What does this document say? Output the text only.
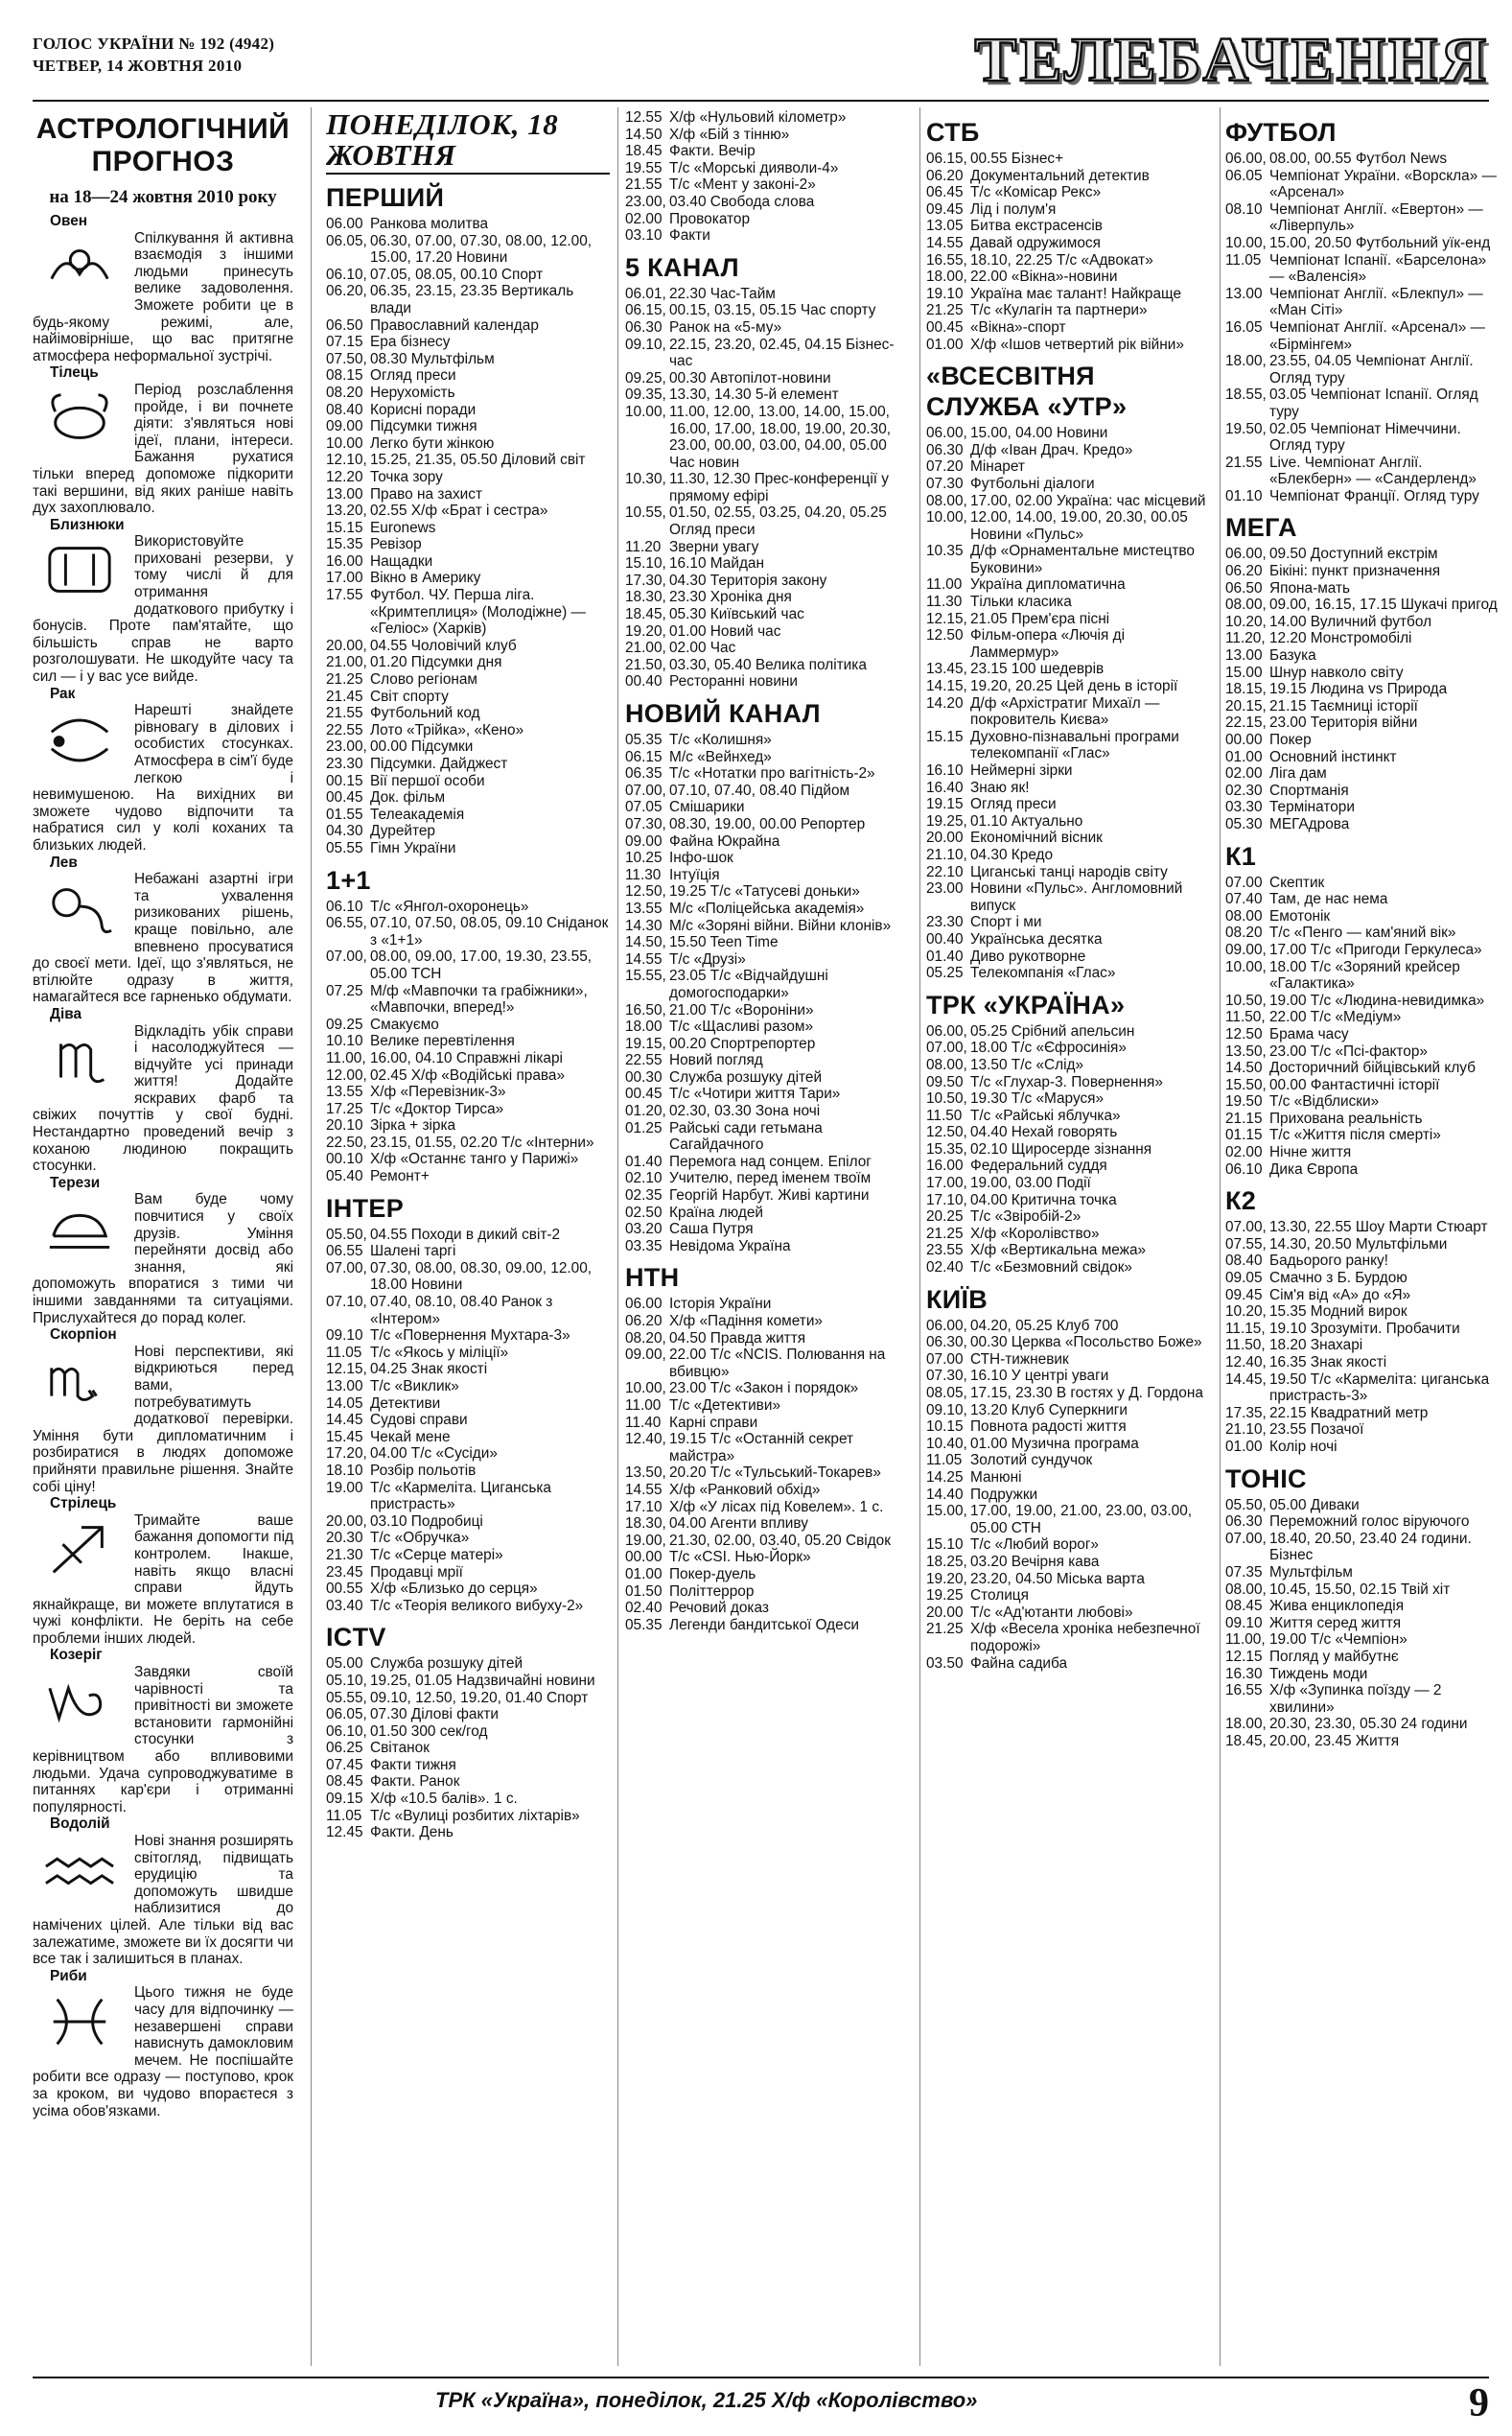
ГОЛОС УКРАЇНИ № 192 (4942)
ЧЕТВЕР, 14 ЖОВТНЯ 2010	ТЕЛЕБАЧЕННЯ
АСТРОЛОГІЧНИЙ ПРОГНОЗ
на 18—24 жовтня 2010 року
Овен
Спілкування й активна взаємодія з іншими людьми принесуть велике задоволення. Зможете робити це в будь-якому режимі, але, найімовірніше, що вас притягне атмосфера неформальної зустрічі.
Тілець
Період розслаблення пройде, і ви почнете діяти: з'являться нові ідеї, плани, інтереси. Бажання рухатися тільки вперед допоможе підкорити такі вершини, від яких раніше навіть дух захоплювало.
Близнюки
Використовуйте приховані резерви, у тому числі й для отримання додаткового прибутку і бонусів. Проте пам'ятайте, що більшість справ не варто розголошувати. Не шкодуйте часу та сил — і у вас усе вийде.
Рак
Нарешті знайдете рівновагу в ділових і особистих стосунках. Атмосфера в сім'ї буде легкою і невимушеною. На вихідних ви зможете чудово відпочити та набратися сил у колі коханих та близьких людей.
Лев
Небажані азартні ігри та ухвалення ризикованих рішень, краще повільно, але впевнено просуватися до своєї мети. Ідеї, що з'являться, не втілюйте одразу в життя, намагайтеся все гарненько обдумати.
Діва
Відкладіть убік справи і насолоджуйтеся — відчуйте усі принади життя! Додайте яскравих фарб та свіжих почуттів у свої будні. Нестандартно проведений вечір з коханою людиною покращить стосунки.
Терези
Вам буде чому повчитися у своїх друзів. Уміння перейняти досвід або знання, які допоможуть впоратися з тими чи іншими завданнями та ситуаціями. Прислухайтеся до порад колег.
Скорпіон
Нові перспективи, які відкриються перед вами, потребуватимуть додаткової перевірки. Уміння бути дипломатичним і розбиратися в людях допоможе прийняти правильне рішення. Знайте собі ціну!
Стрілець
Тримайте ваше бажання допомогти під контролем. Інакше, навіть якщо власні справи йдуть якнайкраще, ви можете вплутатися в чужі конфлікти. Не беріть на себе проблеми інших людей.
Козеріг
Завдяки своїй чарівності та привітності ви зможете встановити гармонійні стосунки з керівництвом або впливовими людьми. Удача супроводжуватиме в питаннях кар'єри і отриманні популярності.
Водолій
Нові знання розширять світогляд, підвищать ерудицію та допоможуть швидше наблизитися до намічених цілей. Але тільки від вас залежатиме, зможете ви їх досягти чи все так і залишиться в планах.
Риби
Цього тижня не буде часу для відпочинку — незавершені справи нависнуть дамокловим мечем. Не поспішайте робити все одразу — поступово, крок за кроком, ви чудово впораєтеся з усіма обов'язками.
ПОНЕДІЛОК, 18 ЖОВТНЯ
ПЕРШИЙ
06.00 Ранкова молитва
06.05, 06.30, 07.00, 07.30, 08.00, 12.00, 15.00, 17.20 Новини
06.10, 07.05, 08.05, 00.10 Спорт
06.20, 06.35, 23.15, 23.35 Вертикаль влади
06.50 Православний календар
07.15 Ера бізнесу
07.50, 08.30 Мультфільм
08.15 Огляд преси
08.20 Нерухомість
08.40 Корисні поради
09.00 Підсумки тижня
10.00 Легко бути жінкою
12.10, 15.25, 21.35, 05.50 Діловий світ
12.20 Точка зору
13.00 Право на захист
13.20, 02.55 Х/ф «Брат і сестра»
15.15 Euronews
15.35 Ревізор
16.00 Нащадки
17.00 Вікно в Америку
17.55 Футбол. ЧУ. Перша ліга. «Кримтеплиця» (Молодіжне) — «Геліос» (Харків)
20.00, 04.55 Чоловічий клуб
21.00, 01.20 Підсумки дня
21.25 Слово регіонам
21.45 Світ спорту
21.55 Футбольний код
22.55 Лото «Трійка», «Кено»
23.00, 00.00 Підсумки
23.30 Підсумки. Дайджест
00.15 Вії першої особи
00.45 Док. фільм
01.55 Телеакадемія
04.30 Дурейтер
05.55 Гімн України
1+1
06.10 Т/с «Янгол-охоронець»
06.55, 07.10, 07.50, 08.05, 09.10 Сніданок з «1+1»
07.00, 08.00, 09.00, 17.00, 19.30, 23.55, 05.00 ТСН
07.25 М/ф «Мавпочки та грабіжники», «Мавпочки, вперед!»
09.25 Смакуємо
10.10 Велике перевтілення
11.00, 16.00, 04.10 Справжні лікарі
12.00, 02.45 Х/ф «Водійські права»
13.55 Х/ф «Перевізник-3»
17.25 Т/с «Доктор Тирса»
20.10 Зірка + зірка
22.50, 23.15, 01.55, 02.20 Т/с «Інтерни»
00.10 Х/ф «Останнє танго у Парижі»
05.40 Ремонт+
ІНТЕР
05.50, 04.55 Походи в дикий світ-2
06.55 Шалені таргі
07.00, 07.30, 08.00, 08.30, 09.00, 12.00, 18.00 Новини
07.10, 07.40, 08.10, 08.40 Ранок з «Інтером»
09.10 Т/с «Повернення Мухтара-3»
11.05 Т/с «Якось у міліції»
12.15, 04.25 Знак якості
13.00 Т/с «Виклик»
14.05 Детективи
14.45 Судові справи
15.45 Чекай мене
17.20, 04.00 Т/с «Сусіди»
18.10 Розбір польотів
19.00 Т/с «Кармеліта. Циганська пристрасть»
20.00, 03.10 Подробиці
20.30 Т/с «Обручка»
21.30 Т/с «Серце матері»
23.45 Продавці мрії
00.55 Х/ф «Близько до серця»
03.40 Т/с «Теорія великого вибуху-2»
ICTV
05.00 Служба розшуку дітей
05.10, 19.25, 01.05 Надзвичайні новини
05.55, 09.10, 12.50, 19.20, 01.40 Спорт
06.05, 07.30 Ділові факти
06.10, 01.50 300 сек/год
06.25 Світанок
07.45 Факти тижня
08.45 Факти. Ранок
09.15 Х/ф «10.5 балів». 1 с.
11.05 Т/с «Вулиці розбитих ліхтарів»
12.45 Факти. День
12.55 Х/ф «Нульовий кілометр»
14.50 Х/ф «Бій з тінню»
18.45 Факти. Вечір
19.55 Т/с «Морські дияволи-4»
21.55 Т/с «Мент у законі-2»
23.00, 03.40 Свобода слова
02.00 Провокатор
03.10 Факти
5 КАНАЛ
06.01, 22.30 Час-Тайм
06.15, 00.15, 03.15, 05.15 Час спорту
06.30 Ранок на «5-му»
09.10, 22.15, 23.20, 02.45, 04.15 Бізнес-час
09.25, 00.30 Автопілот-новини
09.35, 13.30, 14.30 5-й елемент
10.00, 11.00, 12.00, 13.00, 14.00, 15.00, 16.00, 17.00, 18.00, 19.00, 20.30, 23.00, 00.00, 03.00, 04.00, 05.00 Час новин
10.30, 11.30, 12.30 Прес-конференції у прямому ефірі
10.55, 01.50, 02.55, 03.25, 04.20, 05.25 Огляд преси
11.20 Зверни увагу
15.10, 16.10 Майдан
17.30, 04.30 Територія закону
18.30, 23.30 Хроніка дня
18.45, 05.30 Київський час
19.20, 01.00 Новий час
21.00, 02.00 Час
21.50, 03.30, 05.40 Велика політика
00.40 Ресторанні новини
НОВИЙ КАНАЛ
05.35 Т/с «Колишня»
06.15 М/с «Вейнхед»
06.35 Т/с «Нотатки про вагітність-2»
07.00, 07.10, 07.40, 08.40 Підйом
07.05 Смішарики
07.30, 08.30, 19.00, 00.00 Репортер
09.00 Файна Юкрайна
10.25 Інфо-шок
11.30 Інтуїція
12.50, 19.25 Т/с «Татусеві доньки»
13.55 М/с «Поліцейська академія»
14.30 М/с «Зоряні війни. Війни клонів»
14.50, 15.50 Teen Time
14.55 Т/с «Друзі»
15.55, 23.05 Т/с «Відчайдушні домогосподарки»
16.50, 21.00 Т/с «Вороніни»
18.00 Т/с «Щасливі разом»
19.15, 00.20 Спортрепортер
22.55 Новий погляд
00.30 Служба розшуку дітей
00.45 Т/с «Чотири життя Тари»
01.20, 02.30, 03.30 Зона ночі
01.25 Райські сади гетьмана Сагайдачного
01.40 Перемога над сонцем. Епілог
02.10 Учителю, перед іменем твоїм
02.35 Георгій Нарбут. Живі картини
02.50 Країна людей
03.20 Саша Путря
03.35 Невідома Україна
НТН
06.00 Історія України
06.20 Х/ф «Падіння комети»
08.20, 04.50 Правда життя
09.00, 22.00 Т/с «NCIS. Полювання на вбивцю»
10.00, 23.00 Т/с «Закон і порядок»
11.00 Т/с «Детективи»
11.40 Карні справи
12.40, 19.15 Т/с «Останній секрет майстра»
13.50, 20.20 Т/с «Тульський-Токарев»
14.55 Х/ф «Ранковий обхід»
17.10 Х/ф «У лісах під Ковелем». 1 с.
18.30, 04.00 Агенти впливу
19.00, 21.30, 02.00, 03.40, 05.20 Свідок
00.00 Т/с «CSI. Нью-Йорк»
01.00 Покер-дуель
01.50 Політтеррор
02.40 Речовий доказ
05.35 Легенди бандитської Одеси
СТБ
06.15, 00.55 Бізнес+
06.20 Документальний детектив
06.45 Т/с «Комісар Рекс»
09.45 Лід і полум'я
13.05 Битва екстрасенсів
14.55 Давай одружимося
16.55, 18.10, 22.25 Т/с «Адвокат»
18.00, 22.00 «Вікна»-новини
19.10 Україна має талант! Найкраще
21.25 Т/с «Кулагін та партнери»
00.45 «Вікна»-спорт
01.00 Х/ф «Ішов четвертий рік війни»
«ВСЕСВІТНЯ СЛУЖБА «УТР»
06.00, 15.00, 04.00 Новини
06.30 Д/ф «Іван Драч. Кредо»
07.20 Мінарет
07.30 Футбольні діалоги
08.00, 17.00, 02.00 Україна: час місцевий
10.00, 12.00, 14.00, 19.00, 20.30, 00.05 Новини «Пульс»
10.35 Д/ф «Орнаментальне мистецтво Буковини»
11.00 Україна дипломатична
11.30 Тільки класика
12.15, 21.05 Прем'єра пісні
12.50 Фільм-опера «Лючія ді Ламмермур»
13.45, 23.15 100 шедеврів
14.15, 19.20, 20.25 Цей день в історії
14.20 Д/ф «Архістратиг Михаїл — покровитель Києва»
15.15 Духовно-пізнавальні програми телекомпанії «Глас»
16.10 Неймерні зірки
16.40 Знаю як!
19.15 Огляд преси
19.25, 01.10 Актуально
20.00 Економічний вісник
21.10, 04.30 Кредо
22.10 Циганські танці народів світу
23.00 Новини «Пульс». Англомовний випуск
23.30 Спорт і ми
00.40 Українська десятка
01.40 Диво рукотворне
05.25 Телекомпанія «Глас»
ТРК «УКРАЇНА»
06.00, 05.25 Срібний апельсин
07.00, 18.00 Т/с «Єфросинія»
08.00, 13.50 Т/с «Слід»
09.50 Т/с «Глухар-3. Повернення»
10.50, 19.30 Т/с «Маруся»
11.50 Т/с «Райські яблучка»
12.50, 04.40 Нехай говорять
15.35, 02.10 Щиросерде зізнання
16.00 Федеральний суддя
17.00, 19.00, 03.00 Події
17.10, 04.00 Критична точка
20.25 Т/с «Звіробій-2»
21.25 Х/ф «Королівство»
23.55 Х/ф «Вертикальна межа»
02.40 Т/с «Безмовний свідок»
КИЇВ
06.00, 04.20, 05.25 Клуб 700
06.30, 00.30 Церква «Посольство Боже»
07.00 СТН-тижневик
07.30, 16.10 У центрі уваги
08.05, 17.15, 23.30 В гостях у Д. Гордона
09.10, 13.20 Клуб Суперкниги
10.15 Повнота радості життя
10.40, 01.00 Музична програма
11.05 Золотий сундучок
14.25 Манюні
14.40 Подружки
15.00, 17.00, 19.00, 21.00, 23.00, 03.00, 05.00 СТН
15.10 Т/с «Любий ворог»
18.25, 03.20 Вечірня кава
19.20, 23.20, 04.50 Міська варта
19.25 Столиця
20.00 Т/с «Ад'ютанти любові»
21.25 Х/ф «Весела хроніка небезпечної подорожі»
03.50 Файна садиба
ФУТБОЛ
06.00, 08.00, 00.55 Футбол News
06.05 Чемпіонат України. «Ворскла» — «Арсенал»
08.10 Чемпіонат Англії. «Евертон» — «Ліверпуль»
10.00, 15.00, 20.50 Футбольний уїк-енд
11.05 Чемпіонат Іспанії. «Барселона» — «Валенсія»
13.00 Чемпіонат Англії. «Блекпул» — «Ман Сіті»
16.05 Чемпіонат Англії. «Арсенал» — «Бірмінгем»
18.00, 23.55, 04.05 Чемпіонат Англії. Огляд туру
18.55, 03.05 Чемпіонат Іспанії. Огляд туру
19.50, 02.05 Чемпіонат Німеччини. Огляд туру
21.55 Live. Чемпіонат Англії. «Блекберн» — «Сандерленд»
01.10 Чемпіонат Франції. Огляд туру
МЕГА
06.00, 09.50 Доступний екстрім
06.20 Бікіні: пункт призначення
06.50 Япона-мать
08.00, 09.00, 16.15, 17.15 Шукачі пригод
10.20, 14.00 Вуличний футбол
11.20, 12.20 Монстромобілі
13.00 Базука
15.00 Шнур навколо світу
18.15, 19.15 Людина vs Природа
20.15, 21.15 Таємниці історії
22.15, 23.00 Територія війни
00.00 Покер
01.00 Основний інстинкт
02.00 Ліга дам
02.30 Спортманія
03.30 Термінатори
05.30 МЕГАдрова
К1
07.00 Скептик
07.40 Там, де нас нема
08.00 Емотонік
08.20 Т/с «Пенго — кам'яний вік»
09.00, 17.00 Т/с «Пригоди Геркулеса»
10.00, 18.00 Т/с «Зоряний крейсер «Галактика»
10.50, 19.00 Т/с «Людина-невидимка»
11.50, 22.00 Т/с «Медіум»
12.50 Брама часу
13.50, 23.00 Т/с «Псі-фактор»
14.50 Досторичний бійцівський клуб
15.50, 00.00 Фантастичні історії
19.50 Т/с «Відблиски»
21.15 Прихована реальність
01.15 Т/с «Життя після смерті»
02.00 Нічне життя
06.10 Дика Європа
К2
07.00, 13.30, 22.55 Шоу Марти Стюарт
07.55, 14.30, 20.50 Мультфільми
08.40 Бадьорого ранку!
09.05 Смачно з Б. Бурдою
09.45 Сім'я від «А» до «Я»
10.20, 15.35 Модний вирок
11.15, 19.10 Зрозуміти. Пробачити
11.50, 18.20 Знахарі
12.40, 16.35 Знак якості
14.45, 19.50 Т/с «Кармеліта: циганська пристрасть-3»
17.35, 22.15 Квадратний метр
21.10, 23.55 Позачої
01.00 Колір ночі
ТОНІС
05.50, 05.00 Диваки
06.30 Переможний голос віруючого
07.00, 18.40, 20.50, 23.40 24 години. Бізнес
07.35 Мультфільм
08.00, 10.45, 15.50, 02.15 Твій хіт
08.45 Жива енциклопедія
09.10 Життя серед життя
11.00, 19.00 Т/с «Чемпіон»
12.15 Погляд у майбутнє
16.30 Тиждень моди
16.55 Х/ф «Зупинка поїзду — 2 хвилини»
18.00, 20.30, 23.30, 05.30 24 години
18.45, 20.00, 23.45 Життя
ТРК «Україна», понеділок, 21.25 Х/ф «Королівство»	9
